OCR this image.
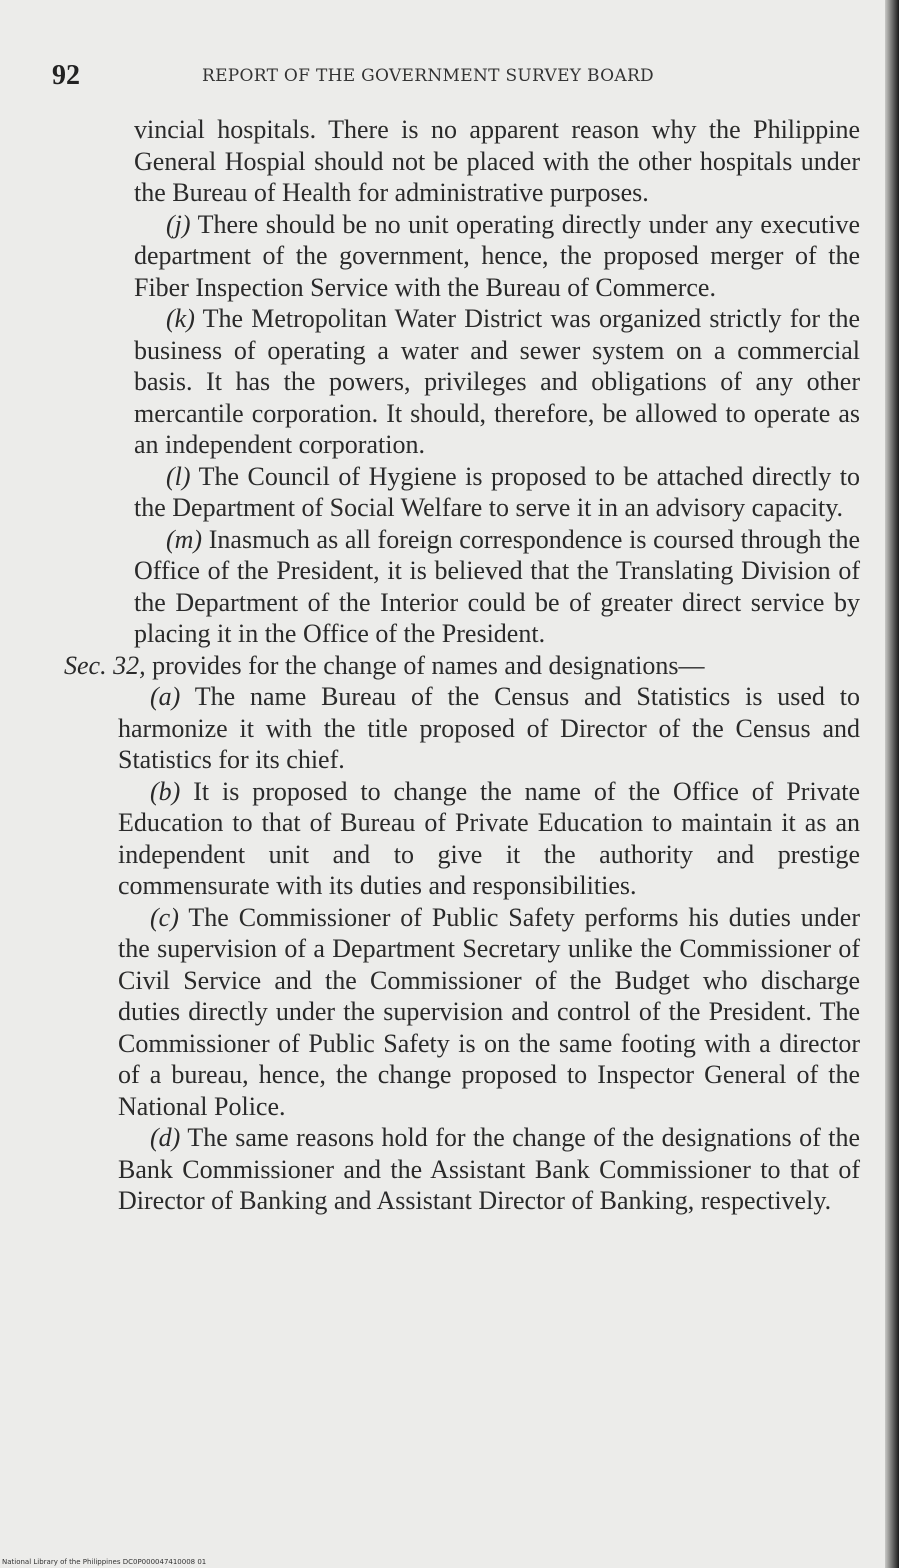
92	REPORT OF THE GOVERNMENT SURVEY BOARD

vincial hospitals. There is no apparent reason why the Philippine General Hospial should not be placed with the other hospitals under the Bureau of Health for administrative purposes.

(j) There should be no unit operating directly under any executive department of the government, hence, the proposed merger of the Fiber Inspection Service with the Bureau of Commerce.

(k) The Metropolitan Water District was organized strictly for the business of operating a water and sewer system on a commercial basis. It has the powers, privileges and obligations of any other mercantile corporation. It should, therefore, be allowed to operate as an independent corporation.

(l) The Council of Hygiene is proposed to be attached directly to the Department of Social Welfare to serve it in an advisory capacity.

(m) Inasmuch as all foreign correspondence is coursed through the Office of the President, it is believed that the Translating Division of the Department of the Interior could be of greater direct service by placing it in the Office of the President.

Sec. 32, provides for the change of names and designations—

(a) The name Bureau of the Census and Statistics is used to harmonize it with the title proposed of Director of the Census and Statistics for its chief.

(b) It is proposed to change the name of the Office of Private Education to that of Bureau of Private Education to maintain it as an independent unit and to give it the authority and prestige commensurate with its duties and responsibilities.

(c) The Commissioner of Public Safety performs his duties under the supervision of a Department Secretary unlike the Commissioner of Civil Service and the Commissioner of the Budget who discharge duties directly under the supervision and control of the President. The Commissioner of Public Safety is on the same footing with a director of a bureau, hence, the change proposed to Inspector General of the National Police.

(d) The same reasons hold for the change of the designations of the Bank Commissioner and the Assistant Bank Commissioner to that of Director of Banking and Assistant Director of Banking, respectively.

National Library of the Philippines DC0P000047410008 01
